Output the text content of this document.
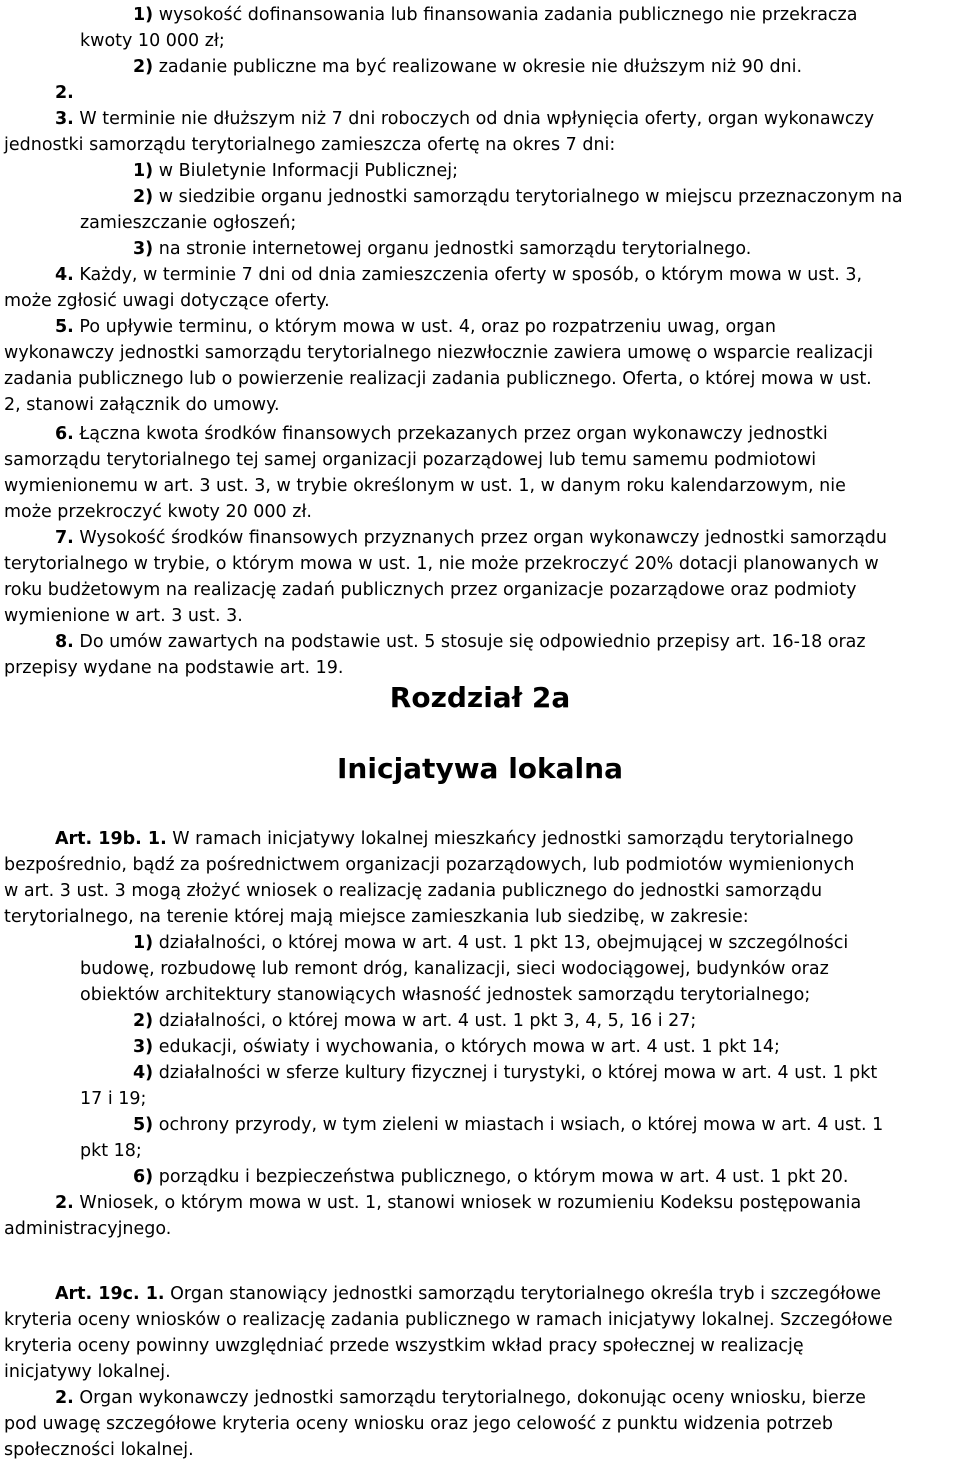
1) wysokość dofinansowania lub finansowania zadania publicznego nie przekracza
kwoty 10 000 zł;
2) zadanie publiczne ma być realizowane w okresie nie dłuższym niż 90 dni.
2.
3. W terminie nie dłuższym niż 7 dni roboczych od dnia wpłynięcia oferty, organ wykonawczy
jednostki samorządu terytorialnego zamieszcza ofertę na okres 7 dni:
1) w Biuletynie Informacji Publicznej;
2) w siedzibie organu jednostki samorządu terytorialnego w miejscu przeznaczonym na
zamieszczanie ogłoszeń;
3) na stronie internetowej organu jednostki samorządu terytorialnego.
4. Każdy, w terminie 7 dni od dnia zamieszczenia oferty w sposób, o którym mowa w ust. 3,
może zgłosić uwagi dotyczące oferty.
5. Po upływie terminu, o którym mowa w ust. 4, oraz po rozpatrzeniu uwag, organ
wykonawczy jednostki samorządu terytorialnego niezwłocznie zawiera umowę o wsparcie realizacji
zadania publicznego lub o powierzenie realizacji zadania publicznego. Oferta, o której mowa w ust.
2, stanowi załącznik do umowy.
6. Łączna kwota środków finansowych przekazanych przez organ wykonawczy jednostki
samorządu terytorialnego tej samej organizacji pozarządowej lub temu samemu podmiotowi
wymienionemu w art. 3 ust. 3, w trybie określonym w ust. 1, w danym roku kalendarzowym, nie
może przekroczyć kwoty 20 000 zł.
7. Wysokość środków finansowych przyznanych przez organ wykonawczy jednostki samorządu
terytorialnego w trybie, o którym mowa w ust. 1, nie może przekroczyć 20% dotacji planowanych w
roku budżetowym na realizację zadań publicznych przez organizacje pozarządowe oraz podmioty
wymienione w art. 3 ust. 3.
8. Do umów zawartych na podstawie ust. 5 stosuje się odpowiednio przepisy art. 16-18 oraz
przepisy wydane na podstawie art. 19.
Rozdział 2a
Inicjatywa lokalna
Art. 19b. 1. W ramach inicjatywy lokalnej mieszkańcy jednostki samorządu terytorialnego
bezpośrednio, bądź za pośrednictwem organizacji pozarządowych, lub podmiotów wymienionych
w art. 3 ust. 3 mogą złożyć wniosek o realizację zadania publicznego do jednostki samorządu
terytorialnego, na terenie której mają miejsce zamieszkania lub siedzibę, w zakresie:
1) działalności, o której mowa w art. 4 ust. 1 pkt 13, obejmującej w szczególności
budowę, rozbudowę lub remont dróg, kanalizacji, sieci wodociągowej, budynków oraz
obiektów architektury stanowiących własność jednostek samorządu terytorialnego;
2) działalności, o której mowa w art. 4 ust. 1 pkt 3, 4, 5, 16 i 27;
3) edukacji, oświaty i wychowania, o których mowa w art. 4 ust. 1 pkt 14;
4) działalności w sferze kultury fizycznej i turystyki, o której mowa w art. 4 ust. 1 pkt
17 i 19;
5) ochrony przyrody, w tym zieleni w miastach i wsiach, o której mowa w art. 4 ust. 1
pkt 18;
6) porządku i bezpieczeństwa publicznego, o którym mowa w art. 4 ust. 1 pkt 20.
2. Wniosek, o którym mowa w ust. 1, stanowi wniosek w rozumieniu Kodeksu postępowania
administracyjnego.
Art. 19c. 1. Organ stanowiący jednostki samorządu terytorialnego określa tryb i szczegółowe
kryteria oceny wniosków o realizację zadania publicznego w ramach inicjatywy lokalnej. Szczegółowe
kryteria oceny powinny uwzględniać przede wszystkim wkład pracy społecznej w realizację
inicjatywy lokalnej.
2. Organ wykonawczy jednostki samorządu terytorialnego, dokonując oceny wniosku, bierze
pod uwagę szczegółowe kryteria oceny wniosku oraz jego celowość z punktu widzenia potrzeb
społeczności lokalnej.
